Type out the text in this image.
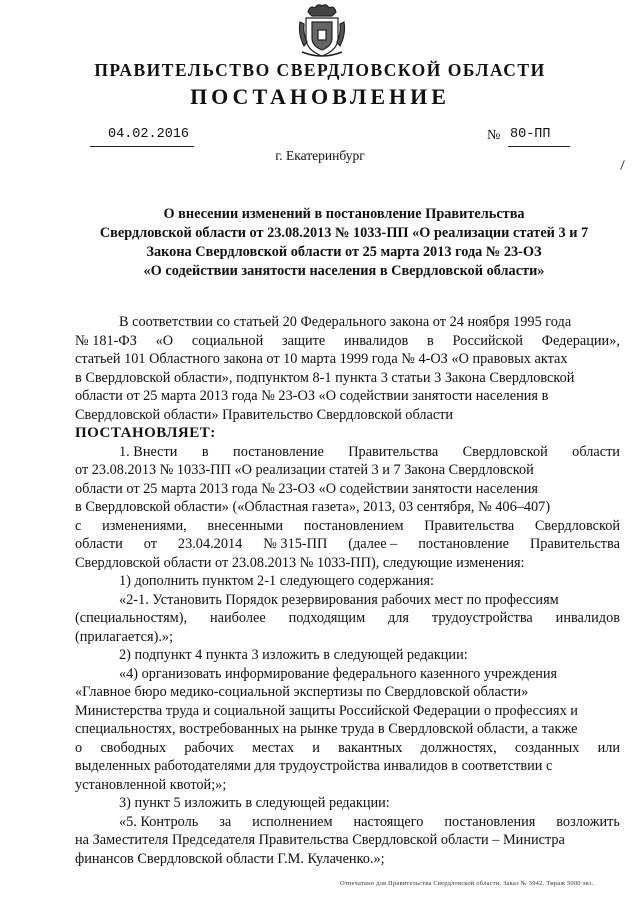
ПРАВИТЕЛЬСТВО СВЕРДЛОВСКОЙ ОБЛАСТИ
ПОСТАНОВЛЕНИЕ
04.02.2016	№ 80-ПП
г. Екатеринбург
О внесении изменений в постановление Правительства
Свердловской области от 23.08.2013 № 1033-ПП «О реализации статей 3 и 7
Закона Свердловской области от 25 марта 2013 года № 23-ОЗ
«О содействии занятости населения в Свердловской области»
В соответствии со статьей 20 Федерального закона от 24 ноября 1995 года
№ 181-ФЗ «О социальной защите инвалидов в Российской Федерации»,
статьей 101 Областного закона от 10 марта 1999 года № 4-ОЗ «О правовых актах
в Свердловской области», подпунктом 8-1 пункта 3 статьи 3 Закона Свердловской
области от 25 марта 2013 года № 23-ОЗ «О содействии занятости населения в
Свердловской области» Правительство Свердловской области
ПОСТАНОВЛЯЕТ:
1. Внести в постановление Правительства Свердловской области
от 23.08.2013 № 1033-ПП «О реализации статей 3 и 7 Закона Свердловской
области от 25 марта 2013 года № 23-ОЗ «О содействии занятости населения
в Свердловской области» («Областная газета», 2013, 03 сентября, № 406–407)
с изменениями, внесенными постановлением Правительства Свердловской
области от 23.04.2014 № 315-ПП (далее – постановление Правительства
Свердловской области от 23.08.2013 № 1033-ПП), следующие изменения:
1) дополнить пунктом 2-1 следующего содержания:
«2-1. Установить Порядок резервирования рабочих мест по профессиям
(специальностям), наиболее подходящим для трудоустройства инвалидов
(прилагается).»;
2) подпункт 4 пункта 3 изложить в следующей редакции:
«4) организовать информирование федерального казенного учреждения
«Главное бюро медико-социальной экспертизы по Свердловской области»
Министерства труда и социальной защиты Российской Федерации о профессиях и
специальностях, востребованных на рынке труда в Свердловской области, а также
о свободных рабочих местах и вакантных должностях, созданных или
выделенных работодателями для трудоустройства инвалидов в соответствии с
установленной квотой;»;
3) пункт 5 изложить в следующей редакции:
«5. Контроль за исполнением настоящего постановления возложить
на Заместителя Председателя Правительства Свердловской области – Министра
финансов Свердловской области Г.М. Кулаченко.»;
Отпечатано для Правительства Свердловской области. Заказ № 3942. Тираж 5000 экз.
